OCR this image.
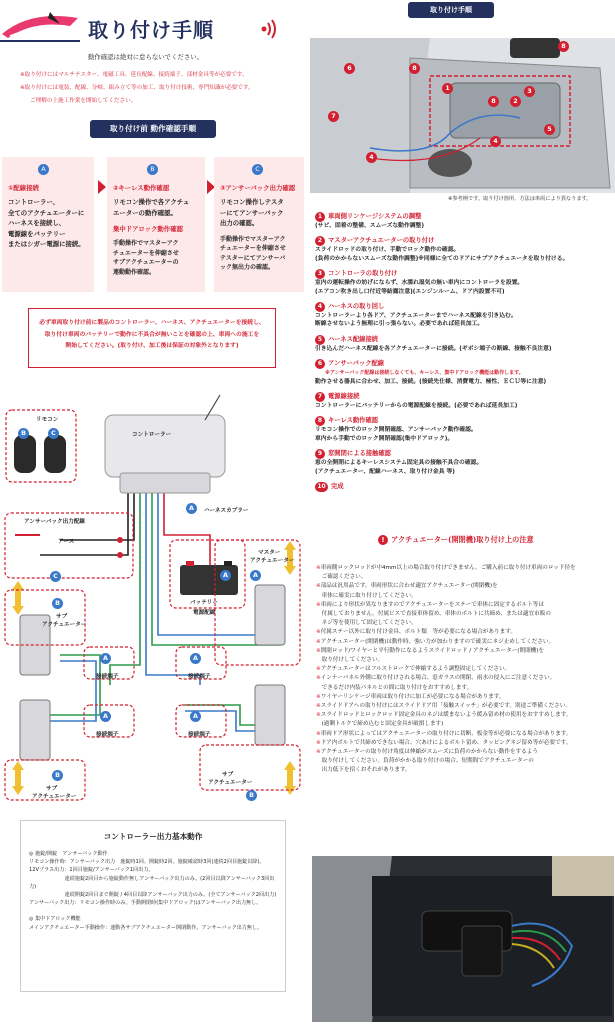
取り付け手順
動作確認は絶対に怠らないでください。
※取り付けにはマルチテスター、電磁工具、延長配線、接続端子、部材金具等が必要です。
※取り付けには電装、配線、分岐、組み立て等の加工、取り付け技術、専門知識が必要です。
ご理解の上施工作業を開始してください。
取り付け前 動作確認手順
A
①配線接続
コントローラー、
全てのアクチュエーターに
ハーネスを接続し、
電源線をバッテリー
またはシガー電源に接続。
B
②キーレス動作確認
リモコン操作で各アクチュ
エーターの動作確認。
集中ドアロック動作確認
手動操作でマスターアク
チュエーターを伸縮させ
サブアクチュエーターの
連動動作確認。
C
③アンサーバック出力確認
リモコン操作しテスタ
ーにてアンサーバック
出力の確認。
手動操作でマスターアク
チュエーターを伸縮させ
テスターにてアンサーバ
ック無出力の確認。
必ず車両取り付け前に製品のコントローラー、ハーネス、アクチュエーターを接続し、
取り付け車両のバッテリーで動作に不具合が無いことを確認の上、車両への施工を
開始してください。(取り付け、加工後は保証の対象外となります)
コントローラー
リモコン
B	C
A	ハーネスカプラー
アンサーバック出力配線
アース
C
バッテリー
電源配線
A
マスター
アクチュエーター
A
B
サブ
アクチュエーター
A
接続端子
A
接続端子
A
接続端子
A
接続端子
サブ
アクチュエーター
B
B
サブ
アクチュエーター
コントローラー出力基本動作
◎ 施錠/開錠　アンサーバック動作
リモコン操作時：アンサーバック出力　施錠時1回、開錠時2回、施錠確認時3回(連続2回目施錠以降)。
12Vプラス出力：1回目施錠/アンサーバック1回出力。
　　　　　　　連続施錠2回目から施錠動作無しアンサーバック出力のみ。(2回目以降アンサーバック3回出力)
　　　　　　　連続開錠2回目まで開錠 / 4回目以降アンサーバック出力のみ。(全てアンサーバック2回出力)
アンサーバック出力：リモコン操作時のみ。手動開閉時(集中ドアロック)はアンサーバック出力無し。
◎ 集中ドアロック機能
メインアクチュエーター手動操作：連動各サブアクチュエーター開閉動作。アンサーバック出力無し。
取り付け手順
6	8
8
1
8	2
3
7
5
4
4
※参考例です。取り付け箇所、方法は車両により異なります。
1 車両側リンケージシステムの調整
(サビ、固着の整備、スムーズな動作調整)
2 マスターアクチュエーターの取り付け
スライドロッドの取り付け、手動でロック動作の確認。
(負荷のかからないスムーズな動作調整)※同様に全てのドアにサブアクチュエータを取り付ける。
3 コントローラの取り付け
室内の運転操作の妨げにならず、水濡れ湿気の無い車内にコントローラを設置。
(エアコン吹き出し口付近等結露注意)(エンジンルーム、ドア内設置不可)
4 ハーネスの取り回し
コントローラーより各ドア、アクチュエーターまでハーネス配線を引き込む。
断線させないよう無理に引っ張らない。必要であれば延長加工。
5 ハーネス配線接続
引き込んだハーネス配線を各アクチュエーターに接続。(ギボシ端子の断線、接触不良注意)
6 アンサーバック配線
※アンサーバック配線は接続しなくても、キーレス、集中ドアロック機能は動作します。
動作させる器具に合わせ、加工、接続。(接続先仕様、消費電力、極性、ＥＣＵ等に注意)
7 電源線接続
コントローラーにバッテリーからの電源配線を接続。(必要であれば延長加工)
8 キーレス動作確認
リモコン操作でのロック開閉確認、アンサーバック動作確認。
車内から手動でのロック開閉確認(集中ドアロック)。
9 窓開閉による接触確認
窓の全開閉によるキーレスシステム固定具の接触不具合の確認。
(アクチュエーター、配線ハーネス、取り付け金具 等)
10 完成
! アクチュエーター(開閉機)取り付け上の注意
※車両側ロックロッドが中4mm以上の場合取り付けできません。ご購入前に取り付け車両のロッド径を
　ご確認ください。
※部品は汎用品です。車両形状に合わせ適宜アクチュエーター(開閉機)を
　車体に確実に取り付けしてください。
※車両により形状が異なりますのでアクチュエーターをステーで車体に固定するボルト等は
　付属しておりません。付属ビスで直接車体留め、車体のボルトに共締め、または適宜市販の
　ネジ等を使用して固定してください。
※付属ステー以外に取り付け金具、ボルト類　等が必要になる場合があります。
※アクチュエーター(開閉機)は動作時、強い力が加わりますので確実にネジ止めしてください。
※開閉ロッド/ワイヤーと平行動作になるようスライドロッド / アクチュエーター(開閉機)を
　取り付けしてください。
※アクチュエーターはフルストロークで伸縮するよう調整固定してください。
※インナーパネル外側に取り付けされる場合、窓ガラスの開閉、雨水の侵入にご注意ください。
　できるだけ内装パネルとの間に取り付けをおすすめします。
※ワイヤーリンケージ車両は取り付けに加工が必要になる場合があります。
※スライドドアへの取り付けにはスライドドア用「接触スイッチ」が必要です。別途ご準備ください。
※スライドロッドとロックロッド固定金具のネジは緩まないよう緩み留め材の使用をおすすめします。
　(過剰トルクで締め込むと固定金具が破損します)
※車両ドア形状によってはアクチュエーターの取り付けに切断、板金等が必要になる場合があります。
※ドア内ボルトで共締めできない場合、穴あけによるボルト留め、タッピングネジ留め等が必要です。
※アクチュエーターの取り付け角度は伸縮がスムーズに負荷のかからない動作をするよう
　取り付けしてください。負荷がかかる取り付けの場合、短期間でアクチュエーターの
　出力低下を招くおそれがあります。
